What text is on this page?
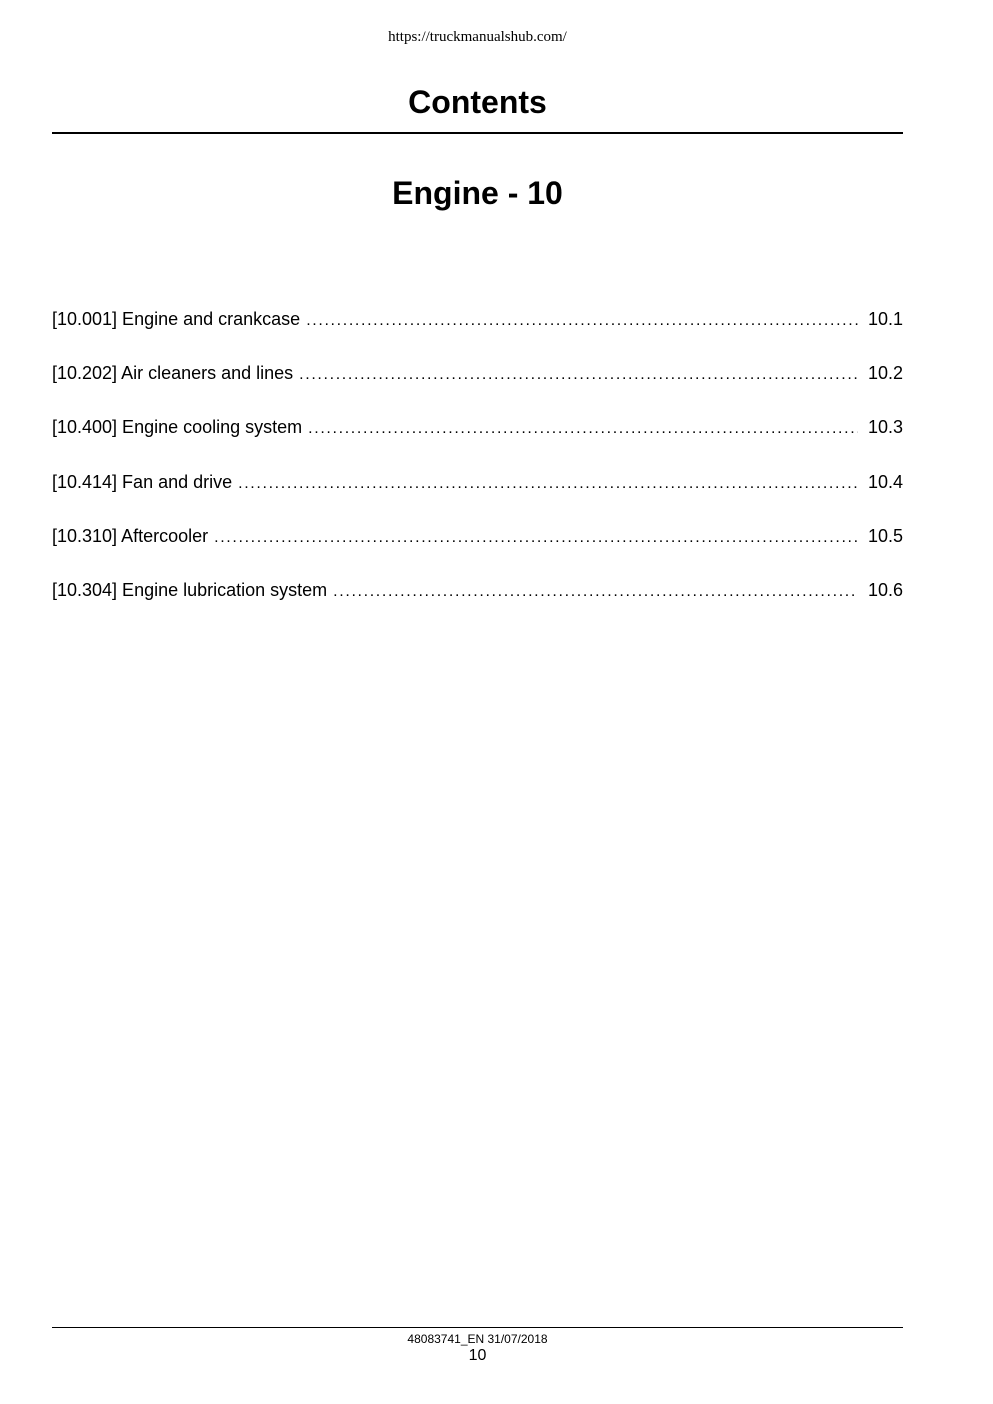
https://truckmanualshub.com/
Contents
Engine - 10
[10.001] Engine and crankcase . . .	10.1
[10.202] Air cleaners and lines . . .	10.2
[10.400] Engine cooling system . . .	10.3
[10.414] Fan and drive . . .	10.4
[10.310] Aftercooler . . .	10.5
[10.304] Engine lubrication system . . .	10.6
48083741_EN 31/07/2018
10
